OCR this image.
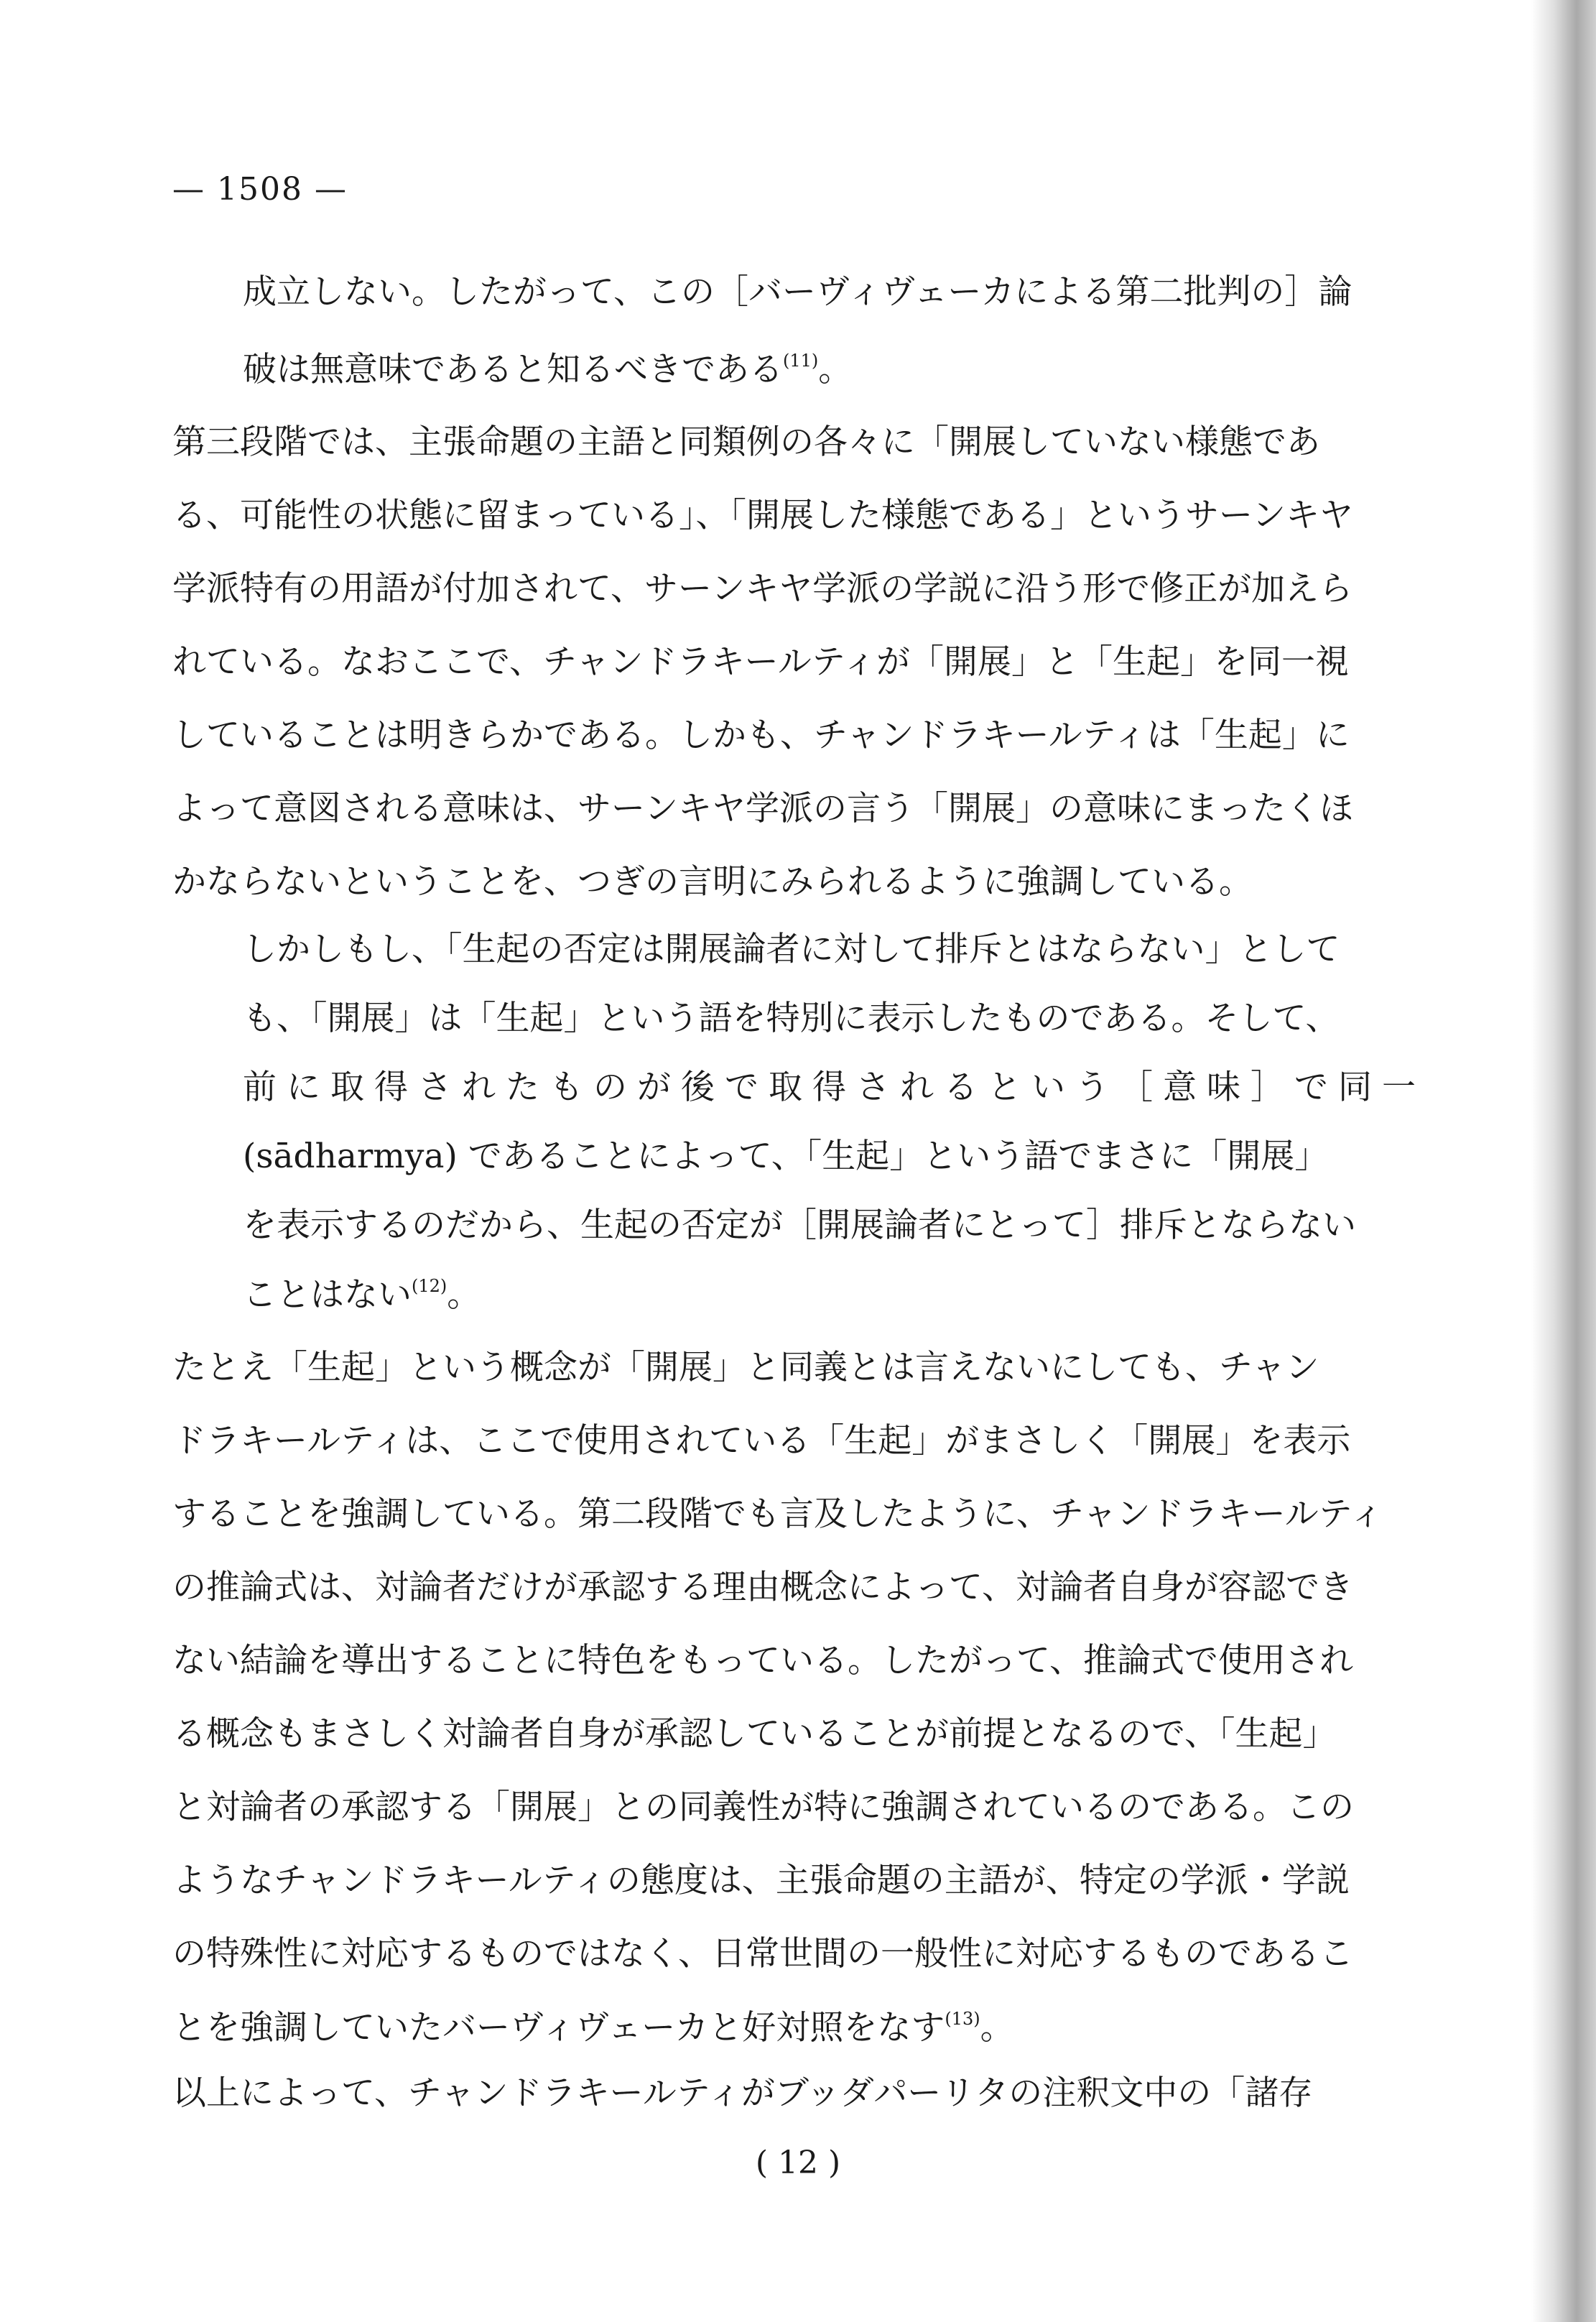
— 1508 —
成立しない。したがって、この［バーヴィヴェーカによる第二批判の］論
破は無意味であると知るべきである$^{(11)}$。
第三段階では、主張命題の主語と同類例の各々に「開展していない様態であ
る、可能性の状態に留まっている」、「開展した様態である」というサーンキヤ
学派特有の用語が付加されて、サーンキヤ学派の学説に沿う形で修正が加えら
れている。なおここで、チャンドラキールティが「開展」と「生起」を同一視
していることは明きらかである。しかも、チャンドラキールティは「生起」に
よって意図される意味は、サーンキヤ学派の言う「開展」の意味にまったくほ
かならないということを、つぎの言明にみられるように強調している。
しかしもし、「生起の否定は開展論者に対して排斥とはならない」として
も、「開展」は「生起」という語を特別に表示したものである。そして、
前に取得されたものが後で取得されるという［意味］で同一
(sādharmya) であることによって、「生起」という語でまさに「開展」
を表示するのだから、生起の否定が［開展論者にとって］排斥とならない
ことはない$^{(12)}$。
たとえ「生起」という概念が「開展」と同義とは言えないにしても、チャン
ドラキールティは、ここで使用されている「生起」がまさしく「開展」を表示
することを強調している。第二段階でも言及したように、チャンドラキールティ
の推論式は、対論者だけが承認する理由概念によって、対論者自身が容認でき
ない結論を導出することに特色をもっている。したがって、推論式で使用され
る概念もまさしく対論者自身が承認していることが前提となるので、「生起」
と対論者の承認する「開展」との同義性が特に強調されているのである。この
ようなチャンドラキールティの態度は、主張命題の主語が、特定の学派・学説
の特殊性に対応するものではなく、日常世間の一般性に対応するものであるこ
とを強調していたバーヴィヴェーカと好対照をなす$^{(13)}$。
以上によって、チャンドラキールティがブッダパーリタの注釈文中の「諸存
( 12 )
